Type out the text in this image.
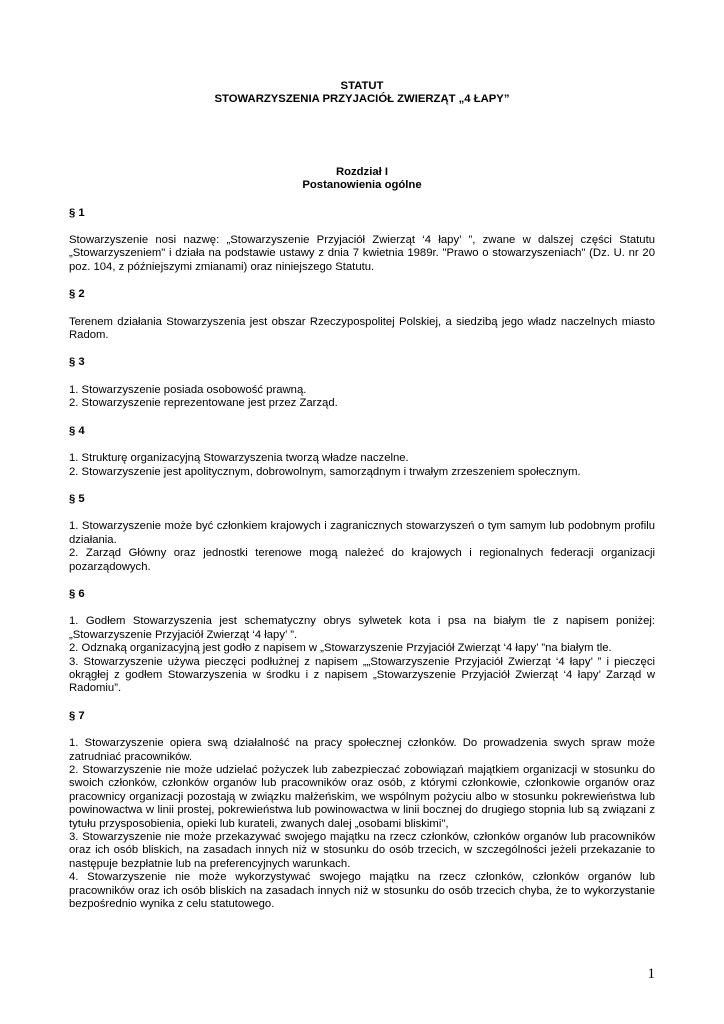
STATUT

STOWARZYSZENIA PRZYJACIÓŁ ZWIERZĄT „4 ŁAPY”

Rozdział I

Postanowienia ogólne

§ 1

Stowarzyszenie nosi nazwę: „Stowarzyszenie Przyjaciół Zwierząt ‘4 łapy’ ”, zwane w dalszej części Statutu „Stowarzyszeniem" i działa na podstawie ustawy z dnia 7 kwietnia 1989r. "Prawo o stowarzyszeniach" (Dz. U. nr 20 poz. 104, z późniejszymi zmianami) oraz niniejszego Statutu.

§ 2

Terenem działania Stowarzyszenia jest obszar Rzeczypospolitej Polskiej, a siedzibą jego władz naczelnych miasto Radom.

§ 3

1. Stowarzyszenie posiada osobowość prawną.

2. Stowarzyszenie reprezentowane jest przez Zarząd.

§ 4

1. Strukturę organizacyjną Stowarzyszenia tworzą władze naczelne.

2. Stowarzyszenie jest apolitycznym, dobrowolnym, samorządnym i trwałym zrzeszeniem społecznym.

§ 5

1. Stowarzyszenie może być członkiem krajowych i zagranicznych stowarzyszeń o tym samym lub podobnym profilu działania.

2. Zarząd Główny oraz jednostki terenowe mogą należeć do krajowych i regionalnych federacji organizacji pozarządowych.

§ 6

1. Godłem Stowarzyszenia jest schematyczny obrys sylwetek kota i psa na białym tle z napisem poniżej: „Stowarzyszenie Przyjaciół Zwierząt ‘4 łapy’ ”.

2. Odznaką organizacyjną jest godło z napisem w „Stowarzyszenie Przyjaciół Zwierząt ‘4 łapy’ ”na białym tle.

3. Stowarzyszenie używa pieczęci podłużnej z napisem „„Stowarzyszenie Przyjaciół Zwierząt ‘4 łapy’ ” i pieczęci okrągłej z godłem Stowarzyszenia w środku i z napisem „Stowarzyszenie Przyjaciół Zwierząt ‘4 łapy’ Zarząd w Radomiu”.

§ 7

1. Stowarzyszenie opiera swą działalność na pracy społecznej członków. Do prowadzenia swych spraw może zatrudniać pracowników.

2. Stowarzyszenie nie może udzielać pożyczek lub zabezpieczać zobowiązań majątkiem organizacji w stosunku do swoich członków, członków organów lub pracowników oraz osób, z którymi członkowie, członkowie organów oraz pracownicy organizacji pozostają w związku małżeńskim, we wspólnym pożyciu albo w stosunku pokrewieństwa lub powinowactwa w linii prostej, pokrewieństwa lub powinowactwa w linii bocznej do drugiego stopnia lub są związani z tytułu przysposobienia, opieki lub kurateli, zwanych dalej „osobami bliskimi",

3. Stowarzyszenie nie może przekazywać swojego majątku na rzecz członków, członków organów lub pracowników oraz ich osób bliskich, na zasadach innych niż w stosunku do osób trzecich, w szczególności jeżeli przekazanie to następuje bezpłatnie lub na preferencyjnych warunkach.

4. Stowarzyszenie nie może wykorzystywać swojego majątku na rzecz członków, członków organów lub pracowników oraz ich osób bliskich na zasadach innych niż w stosunku do osób trzecich chyba, że to wykorzystanie bezpośrednio wynika z celu statutowego.

1
